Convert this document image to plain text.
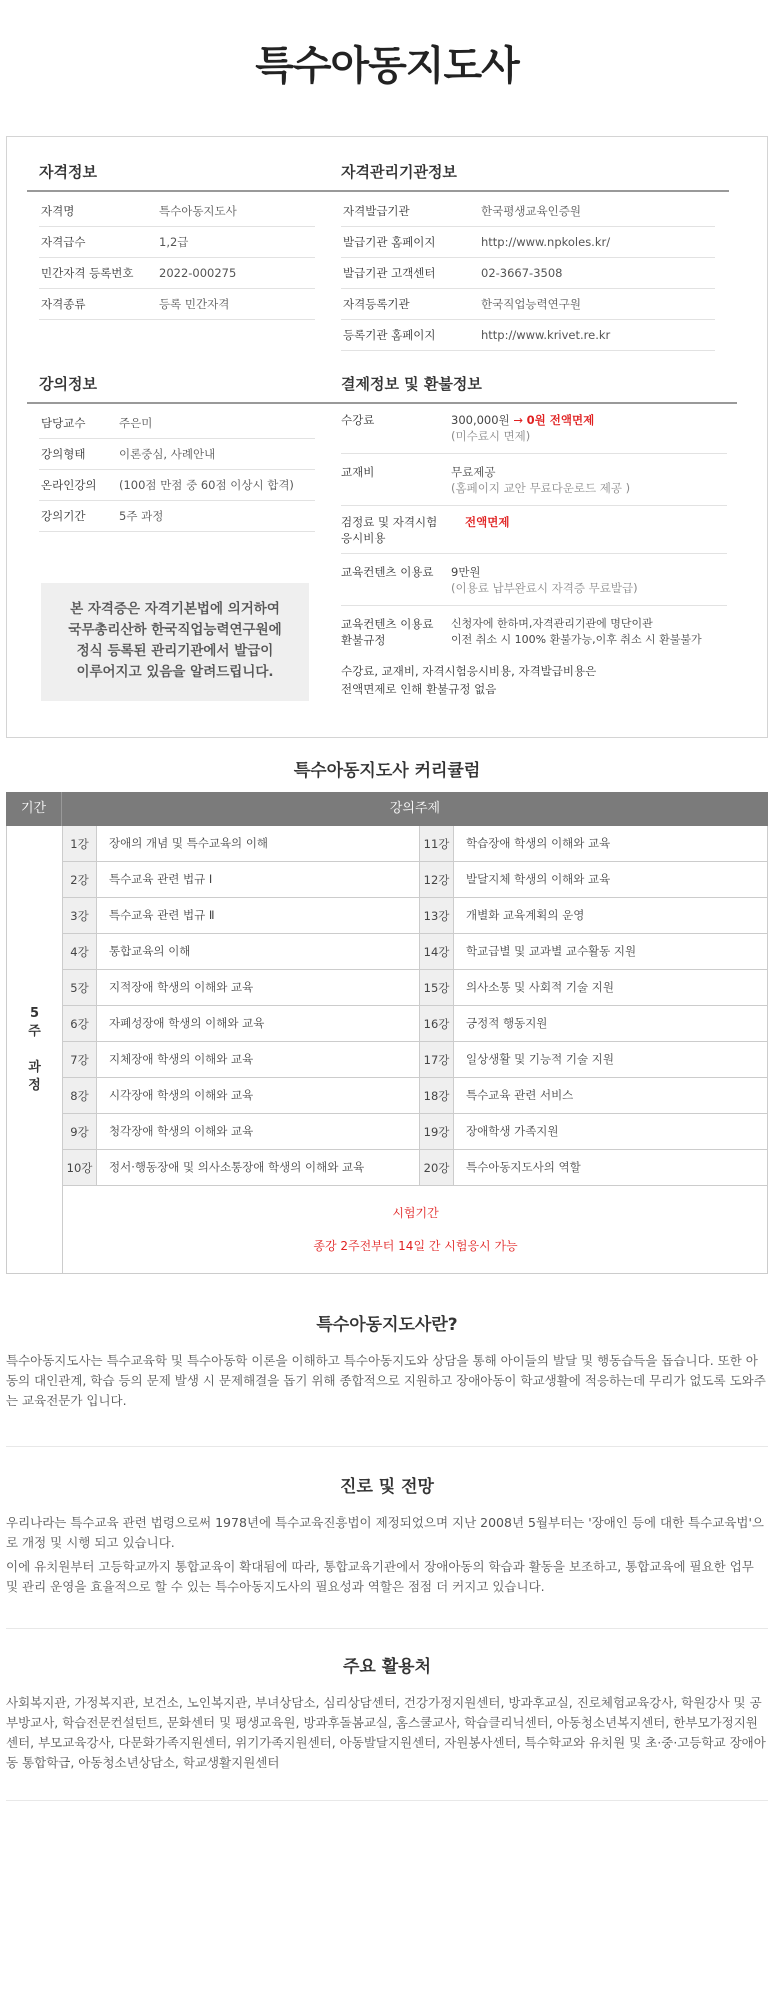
특수아동지도사
자격정보
자격명	특수아동지도사
자격급수	1,2급
민간자격 등록번호	2022-000275
자격종류	등록 민간자격
자격관리기관정보
자격발급기관	한국평생교육인증원
발급기관 홈페이지	http://www.npkoles.kr/
발급기관 고객센터	02-3667-3508
자격등록기관	한국직업능력연구원
등록기관 홈페이지	http://www.krivet.re.kr
강의정보
담당교수	주은미
강의형태	이론중심, 사례안내
온라인강의	(100점 만점 중 60점 이상시 합격)
강의기간	5주 과정
본 자격증은 자격기본법에 의거하여
국무총리산하 한국직업능력연구원에
정식 등록된 관리기관에서 발급이
이루어지고 있음을 알려드립니다.
결제정보 및 환불정보
수강료	300,000원 → 0원 전액면제
(미수료시 면제)
교재비	무료제공
(홈페이지 교안 무료다운로드 제공 )
검정료 및 자격시험
응시비용
전액면제
교육컨텐츠 이용료	9만원
(이용료 납부완료시 자격증 무료발급)
교육컨텐츠 이용료
환불규정
신청자에 한하며,자격관리기관에 명단이관
이전 취소 시 100% 환불가능,이후 취소 시 환불불가
수강료, 교재비, 자격시험응시비용, 자격발급비용은
전액면제로 인해 환불규정 없음
특수아동지도사 커리큘럼
기간	강의주제
5
주
과
정
1강	장애의 개념 및 특수교육의 이해
2강	특수교육 관련 법규 Ⅰ
3강	특수교육 관련 법규 Ⅱ
4강	통합교육의 이해
5강	지적장애 학생의 이해와 교육
6강	자폐성장애 학생의 이해와 교육
7강	지체장애 학생의 이해와 교육
8강	시각장애 학생의 이해와 교육
9강	청각장애 학생의 이해와 교육
10강	정서·행동장애 및 의사소통장애 학생의 이해와 교육
11강	학습장애 학생의 이해와 교육
12강	발달지체 학생의 이해와 교육
13강	개별화 교육계획의 운영
14강	학교급별 및 교과별 교수활동 지원
15강	의사소통 및 사회적 기술 지원
16강	긍정적 행동지원
17강	일상생활 및 기능적 기술 지원
18강	특수교육 관련 서비스
19강	장애학생 가족지원
20강	특수아동지도사의 역할
시험기간
종강 2주전부터 14일 간 시험응시 가능
특수아동지도사란?

특수아동지도사는 특수교육학 및 특수아동학 이론을 이해하고 특수아동지도와 상담을 통해 아이들의 발달 및 행동습득을 돕습니다. 또한 아동의 대인관계, 학습 등의 문제 발생 시 문제해결을 돕기 위해 종합적으로 지원하고 장애아동이 학교생활에 적응하는데 무리가 없도록 도와주는 교육전문가 입니다.

진로 및 전망

우리나라는 특수교육 관련 법령으로써 1978년에 특수교육진흥법이 제정되었으며 지난 2008년 5월부터는 '장애인 등에 대한 특수교육법'으로 개정 및 시행 되고 있습니다.

이에 유치원부터 고등학교까지 통합교육이 확대됨에 따라, 통합교육기관에서 장애아동의 학습과 활동을 보조하고, 통합교육에 필요한 업무 및 관리 운영을 효율적으로 할 수 있는 특수아동지도사의 필요성과 역할은 점점 더 커지고 있습니다.

주요 활용처

사회복지관, 가정복지관, 보건소, 노인복지관, 부녀상담소, 심리상담센터, 건강가정지원센터, 방과후교실, 진로체험교육강사, 학원강사 및 공부방교사, 학습전문컨설턴트, 문화센터 및 평생교육원, 방과후돌봄교실, 홈스쿨교사, 학습클리닉센터, 아동청소년복지센터, 한부모가정지원센터, 부모교육강사, 다문화가족지원센터, 위기가족지원센터, 아동발달지원센터, 자원봉사센터, 특수학교와 유치원 및 초·중·고등학교 장애아동 통합학급, 아동청소년상담소, 학교생활지원센터
